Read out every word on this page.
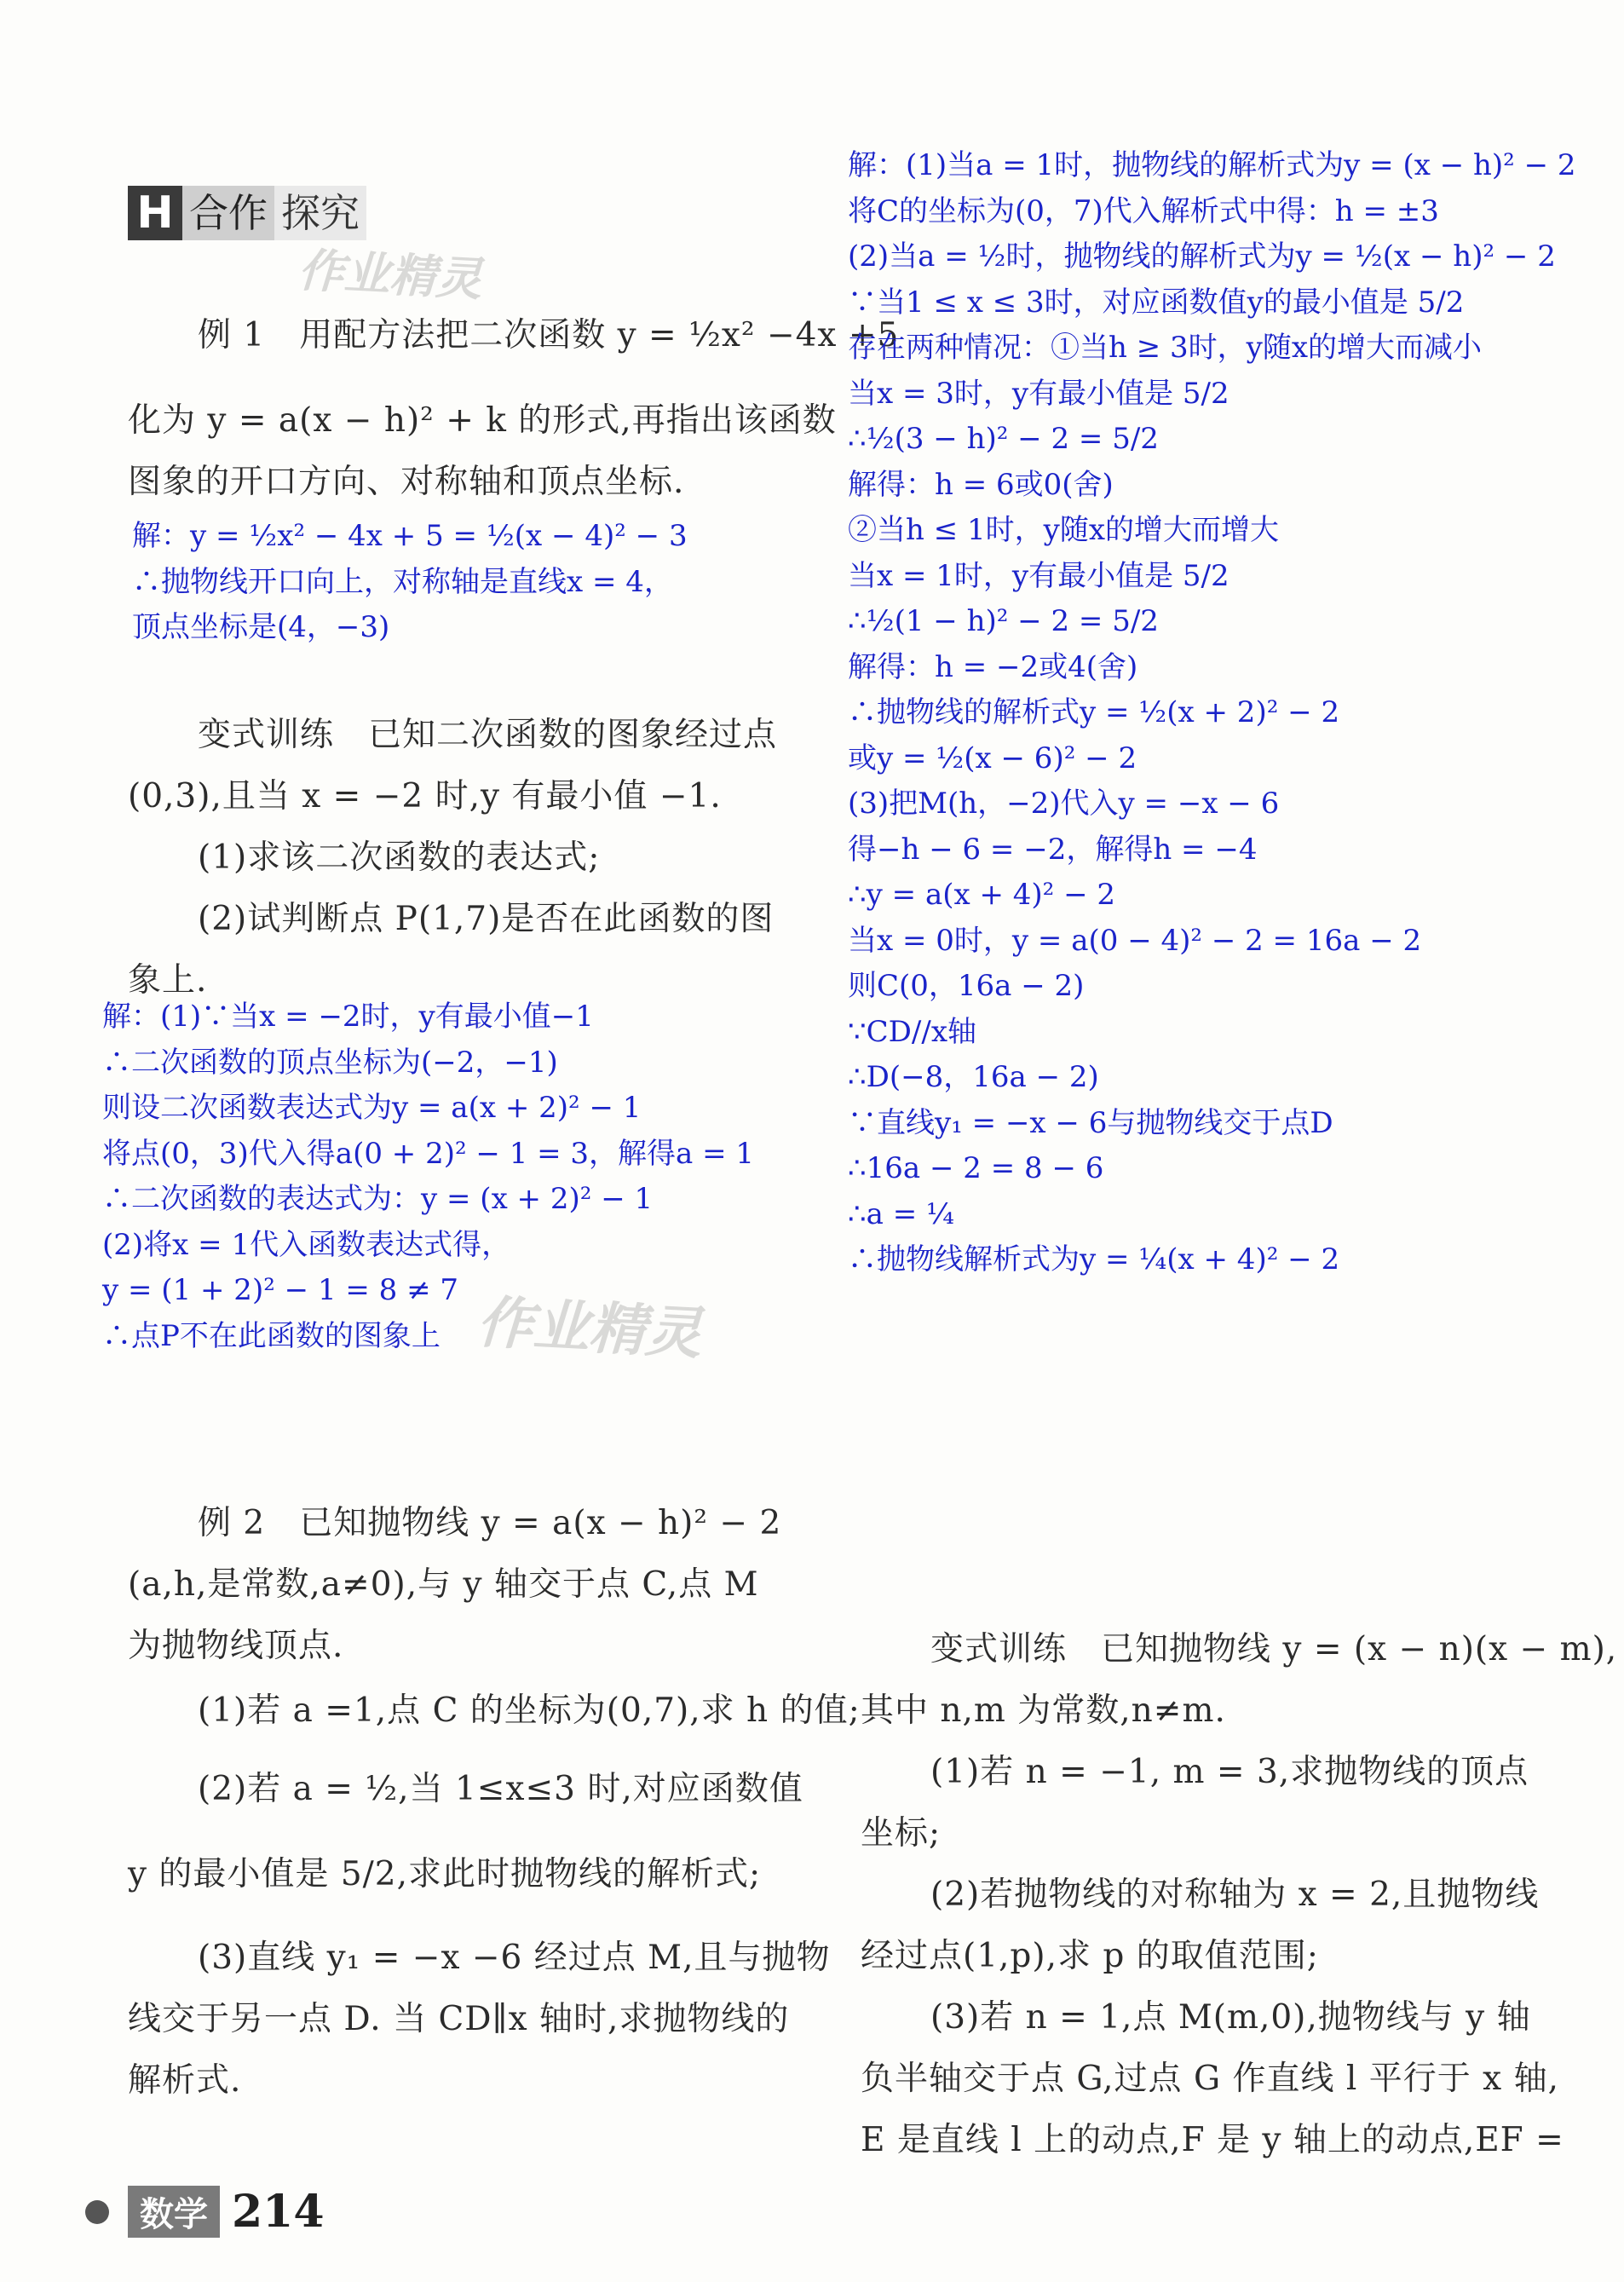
H 合作 探究
作业精灵
作业精灵
例 1　用配方法把二次函数 y = ½x² −4x +5
化为 y = a(x − h)² + k 的形式,再指出该函数
图象的开口方向、对称轴和顶点坐标.
解：y = ½x² − 4x + 5 = ½(x − 4)² − 3
∴抛物线开口向上，对称轴是直线x = 4，
顶点坐标是(4，−3)
变式训练　已知二次函数的图象经过点
(0,3),且当 x = −2 时,y 有最小值 −1.
(1)求该二次函数的表达式;
(2)试判断点 P(1,7)是否在此函数的图
象上.
解：(1)∵当x = −2时，y有最小值−1
∴二次函数的顶点坐标为(−2，−1)
则设二次函数表达式为y = a(x + 2)² − 1
将点(0，3)代入得a(0 + 2)² − 1 = 3，解得a = 1
∴二次函数的表达式为：y = (x + 2)² − 1
(2)将x = 1代入函数表达式得，
y = (1 + 2)² − 1 = 8 ≠ 7
∴点P不在此函数的图象上
例 2　已知抛物线 y = a(x − h)² − 2
(a,h,是常数,a≠0),与 y 轴交于点 C,点 M
为抛物线顶点.
(1)若 a =1,点 C 的坐标为(0,7),求 h 的值;
(2)若 a = ½,当 1≤x≤3 时,对应函数值
y 的最小值是 5/2,求此时抛物线的解析式;
(3)直线 y₁ = −x −6 经过点 M,且与抛物
线交于另一点 D. 当 CD∥x 轴时,求抛物线的
解析式.
解：(1)当a = 1时，抛物线的解析式为y = (x − h)² − 2
将C的坐标为(0，7)代入解析式中得：h = ±3
(2)当a = ½时，抛物线的解析式为y = ½(x − h)² − 2
∵当1 ≤ x ≤ 3时，对应函数值y的最小值是 5/2
存在两种情况：①当h ≥ 3时，y随x的增大而减小
当x = 3时，y有最小值是 5/2
∴½(3 − h)² − 2 = 5/2
解得：h = 6或0(舍)
②当h ≤ 1时，y随x的增大而增大
当x = 1时，y有最小值是 5/2
∴½(1 − h)² − 2 = 5/2
解得：h = −2或4(舍)
∴抛物线的解析式y = ½(x + 2)² − 2
或y = ½(x − 6)² − 2
(3)把M(h，−2)代入y = −x − 6
得−h − 6 = −2，解得h = −4
∴y = a(x + 4)² − 2
当x = 0时，y = a(0 − 4)² − 2 = 16a − 2
则C(0，16a − 2)
∵CD//x轴
∴D(−8，16a − 2)
∵直线y₁ = −x − 6与抛物线交于点D
∴16a − 2 = 8 − 6
∴a = ¼
∴抛物线解析式为y = ¼(x + 4)² − 2
变式训练　已知抛物线 y = (x − n)(x − m),
其中 n,m 为常数,n≠m.
(1)若 n = −1, m = 3,求抛物线的顶点
坐标;
(2)若抛物线的对称轴为 x = 2,且抛物线
经过点(1,p),求 p 的取值范围;
(3)若 n = 1,点 M(m,0),抛物线与 y 轴
负半轴交于点 G,过点 G 作直线 l 平行于 x 轴,
E 是直线 l 上的动点,F 是 y 轴上的动点,EF =
数学 214
